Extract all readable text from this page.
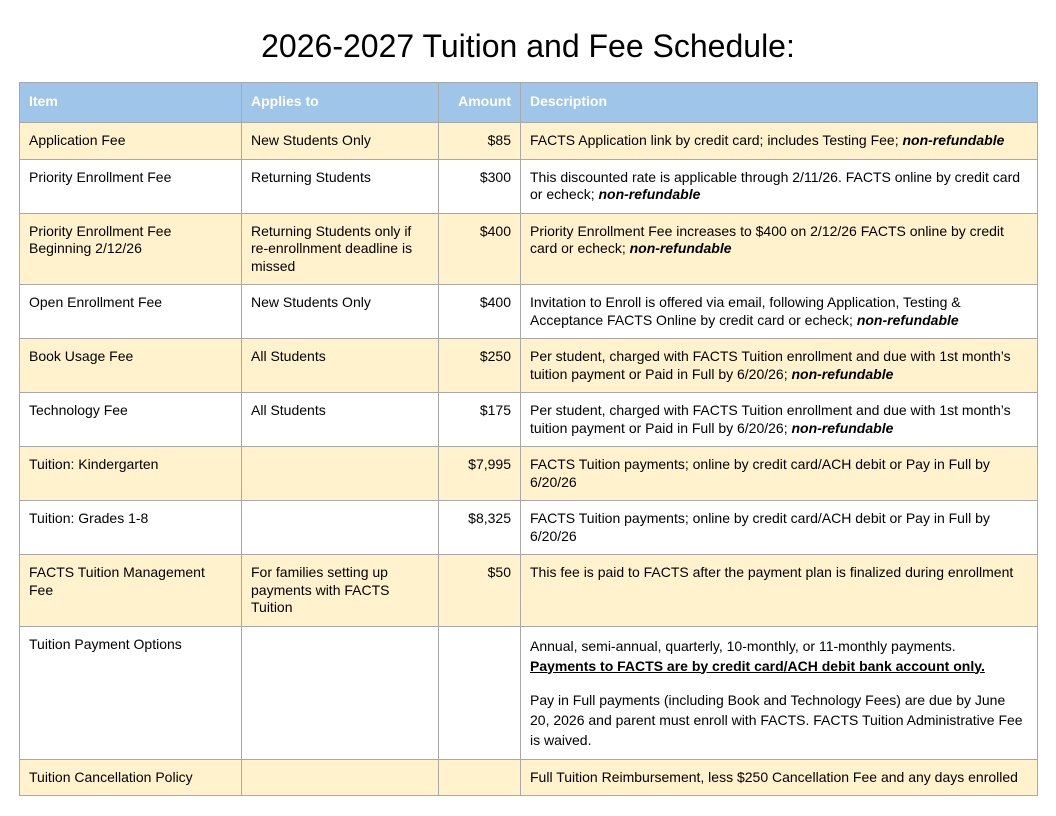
2026-2027 Tuition and Fee Schedule:
Item	Applies to	Amount	Description
Application Fee	New Students Only	$85	FACTS Application link by credit card; includes Testing Fee; non-refundable
Priority Enrollment Fee	Returning Students	$300	This discounted rate is applicable through 2/11/26. FACTS online by credit card or echeck; non-refundable
Priority Enrollment Fee Beginning 2/12/26	Returning Students only if re-enrollnment deadline is missed	$400	Priority Enrollment Fee increases to $400 on 2/12/26 FACTS online by credit card or echeck; non-refundable
Open Enrollment Fee	New Students Only	$400	Invitation to Enroll is offered via email, following Application, Testing & Acceptance FACTS Online by credit card or echeck; non-refundable
Book Usage Fee	All Students	$250	Per student, charged with FACTS Tuition enrollment and due with 1st month’s tuition payment or Paid in Full by 6/20/26; non-refundable
Technology Fee	All Students	$175	Per student, charged with FACTS Tuition enrollment and due with 1st month’s tuition payment or Paid in Full by 6/20/26; non-refundable
Tuition: Kindergarten		$7,995	FACTS Tuition payments; online by credit card/ACH debit or Pay in Full by 6/20/26
Tuition: Grades 1-8		$8,325	FACTS Tuition payments; online by credit card/ACH debit or Pay in Full by 6/20/26
FACTS Tuition Management Fee	For families setting up payments with FACTS Tuition	$50	This fee is paid to FACTS after the payment plan is finalized during enrollment
Tuition Payment Options			Annual, semi-annual, quarterly, 10-monthly, or 11-monthly payments.
Payments to FACTS are by credit card/ACH debit bank account only.
Pay in Full payments (including Book and Technology Fees) are due by June 20, 2026 and parent must enroll with FACTS. FACTS Tuition Administrative Fee is waived.

Tuition Cancellation Policy			Full Tuition Reimbursement, less $250 Cancellation Fee and any days enrolled
